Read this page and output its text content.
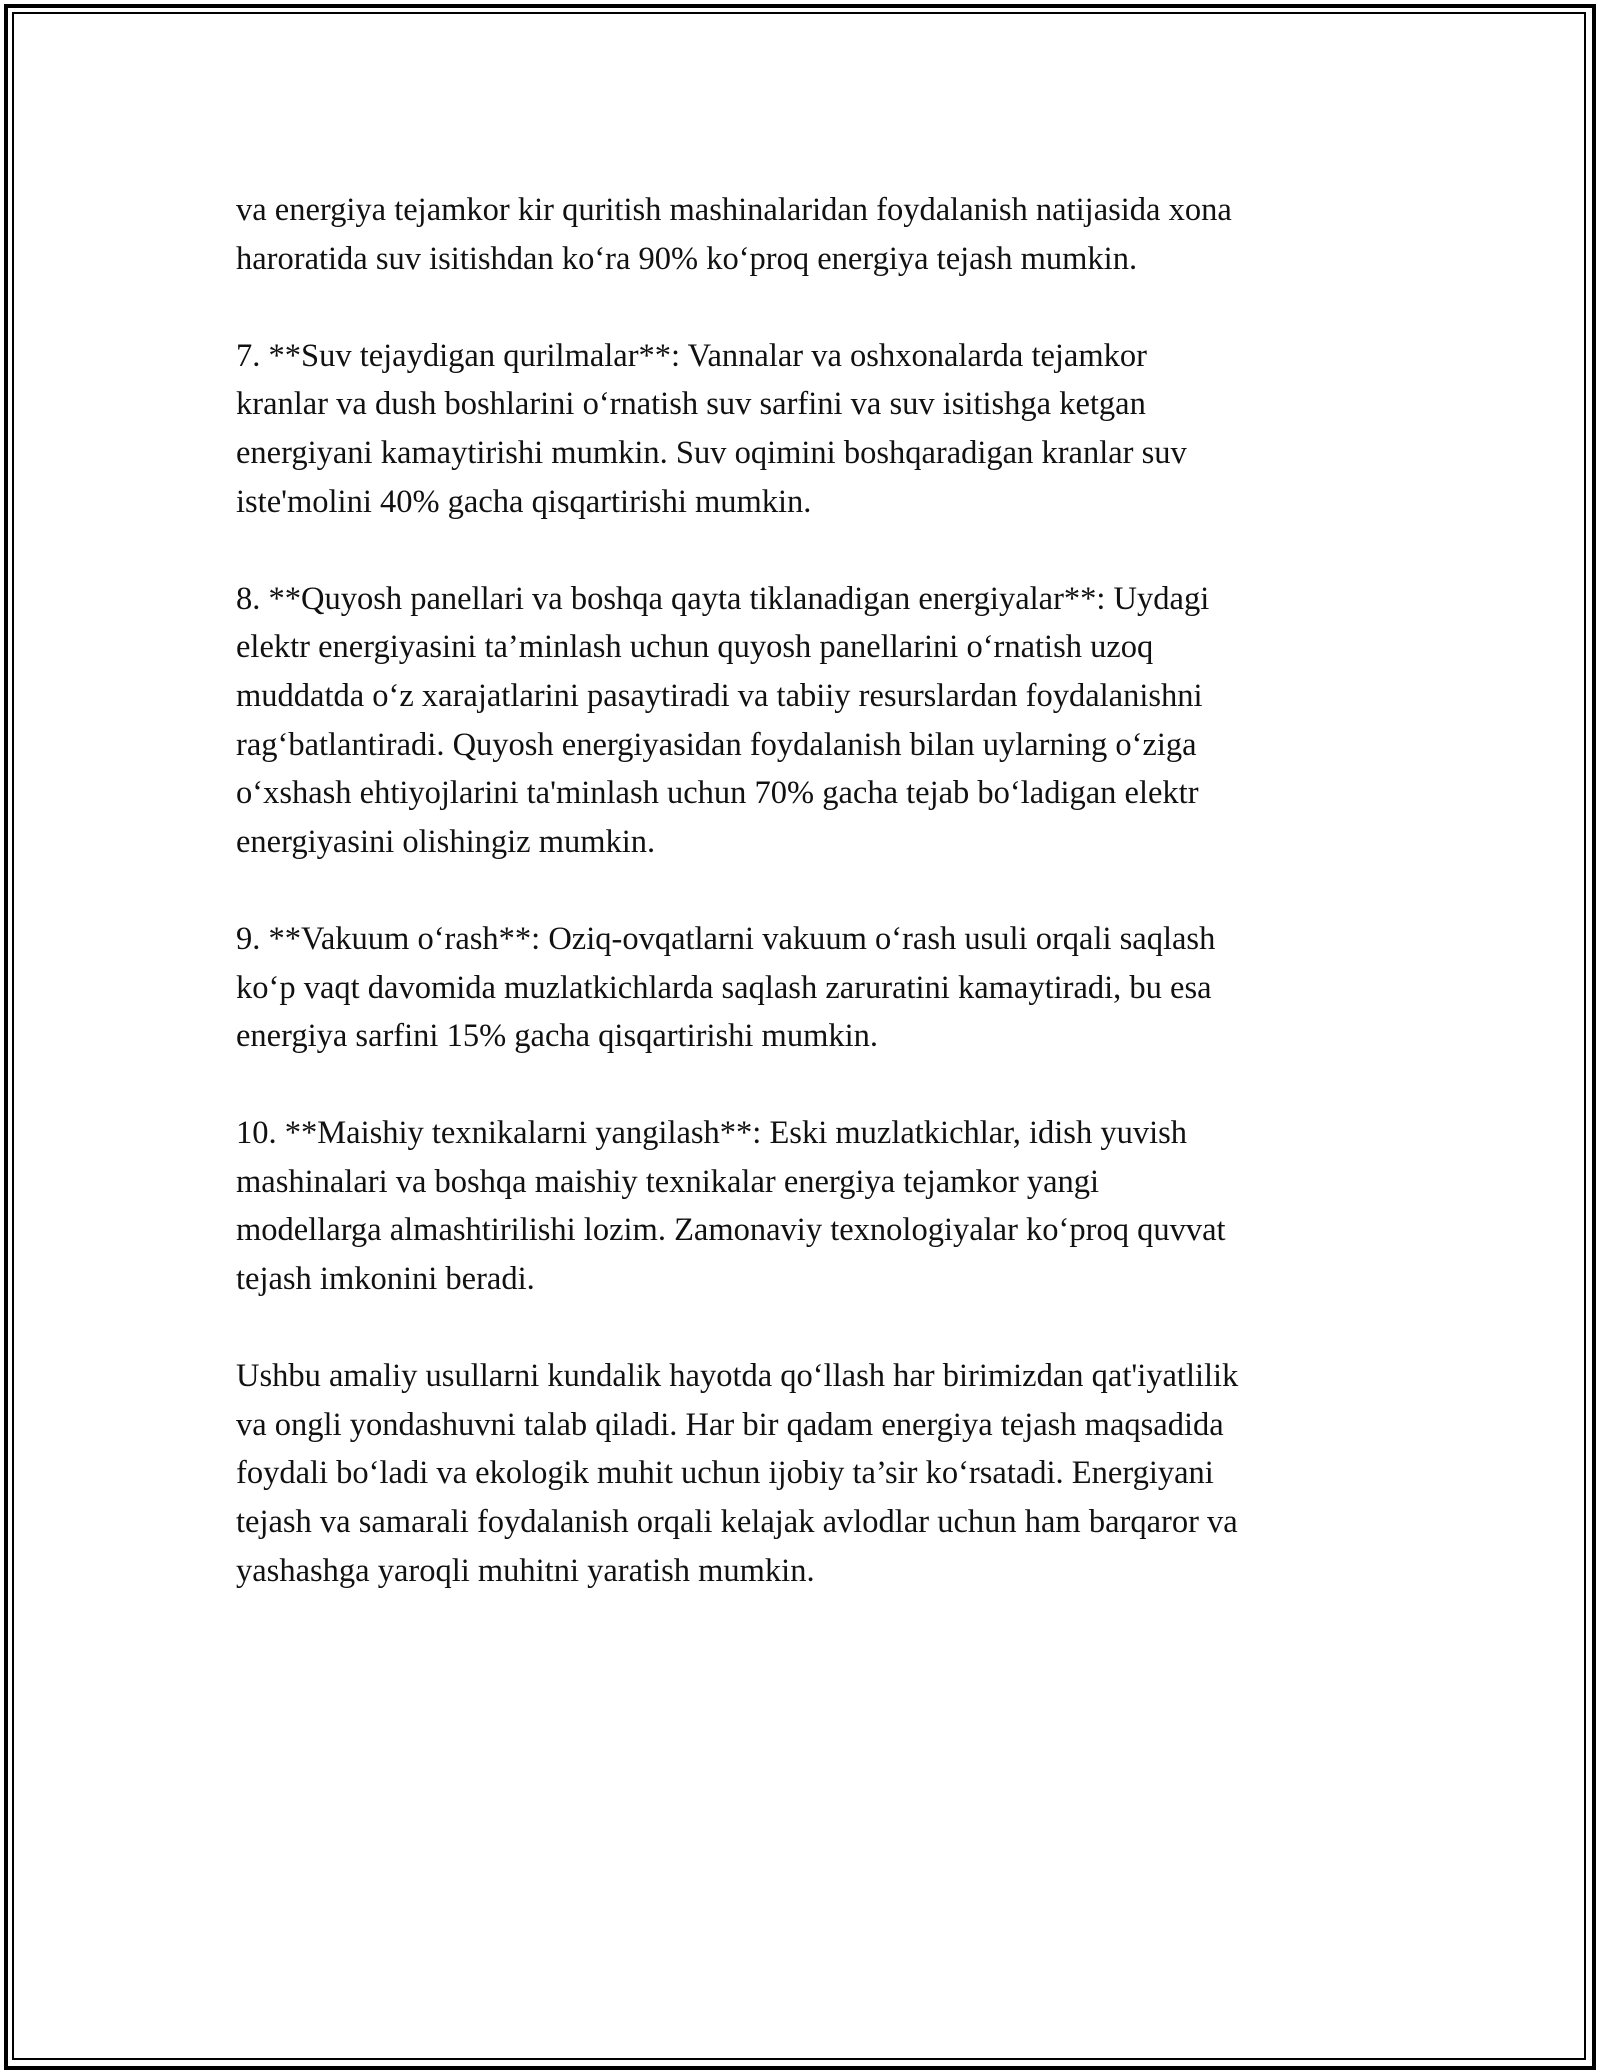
va energiya tejamkor kir quritish mashinalaridan foydalanish natijasida xona
haroratida suv isitishdan ko‘ra 90% ko‘proq energiya tejash mumkin.

7. **Suv tejaydigan qurilmalar**: Vannalar va oshxonalarda tejamkor
kranlar va dush boshlarini o‘rnatish suv sarfini va suv isitishga ketgan
energiyani kamaytirishi mumkin. Suv oqimini boshqaradigan kranlar suv
iste'molini 40% gacha qisqartirishi mumkin.

8. **Quyosh panellari va boshqa qayta tiklanadigan energiyalar**: Uydagi
elektr energiyasini ta’minlash uchun quyosh panellarini o‘rnatish uzoq
muddatda o‘z xarajatlarini pasaytiradi va tabiiy resurslardan foydalanishni
rag‘batlantiradi. Quyosh energiyasidan foydalanish bilan uylarning o‘ziga
o‘xshash ehtiyojlarini ta'minlash uchun 70% gacha tejab bo‘ladigan elektr
energiyasini olishingiz mumkin.

9. **Vakuum o‘rash**: Oziq-ovqatlarni vakuum o‘rash usuli orqali saqlash
ko‘p vaqt davomida muzlatkichlarda saqlash zaruratini kamaytiradi, bu esa
energiya sarfini 15% gacha qisqartirishi mumkin.

10. **Maishiy texnikalarni yangilash**: Eski muzlatkichlar, idish yuvish
mashinalari va boshqa maishiy texnikalar energiya tejamkor yangi
modellarga almashtirilishi lozim. Zamonaviy texnologiyalar ko‘proq quvvat
tejash imkonini beradi.

Ushbu amaliy usullarni kundalik hayotda qo‘llash har birimizdan qat'iyatlilik
va ongli yondashuvni talab qiladi. Har bir qadam energiya tejash maqsadida
foydali bo‘ladi va ekologik muhit uchun ijobiy ta’sir ko‘rsatadi. Energiyani
tejash va samarali foydalanish orqali kelajak avlodlar uchun ham barqaror va
yashashga yaroqli muhitni yaratish mumkin.
